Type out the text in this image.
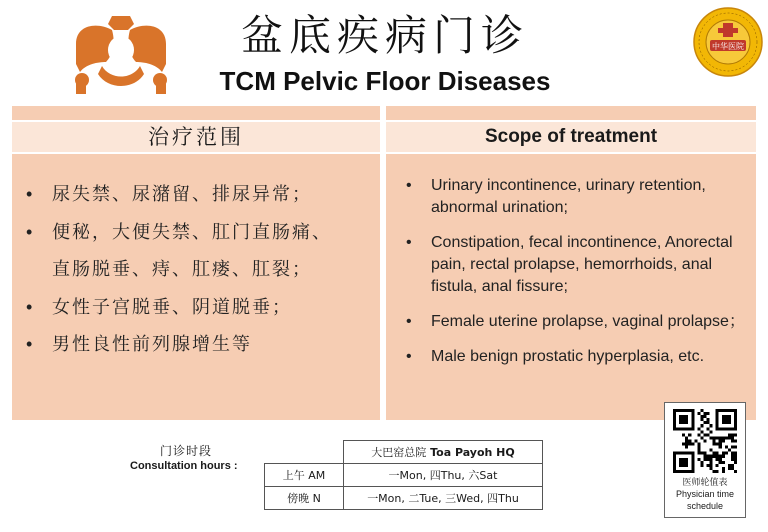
盆底疾病门诊
TCM Pelvic Floor Diseases
中华医院
治疗范围	Scope of treatment
• 尿失禁、尿潴留、排尿异常；
• 便秘，大便失禁、肛门直肠痛、
直肠脱垂、痔、肛瘘、肛裂；
• 女性子宫脱垂、阴道脱垂；
• 男性良性前列腺增生等
• Urinary incontinence, urinary retention, abnormal urination;
• Constipation, fecal incontinence, Anorectal pain, rectal prolapse, hemorrhoids, anal fistula, anal fissure;
• Female uterine prolapse, vaginal prolapse；
• Male benign prostatic hyperplasia, etc.
门诊时段
Consultation hours :
	大巴窑总院 Toa Payoh HQ
上午 AM	一Mon, 四Thu, 六Sat
傍晚 N	一Mon, 二Tue, 三Wed, 四Thu
医师轮值表
Physician time schedule
